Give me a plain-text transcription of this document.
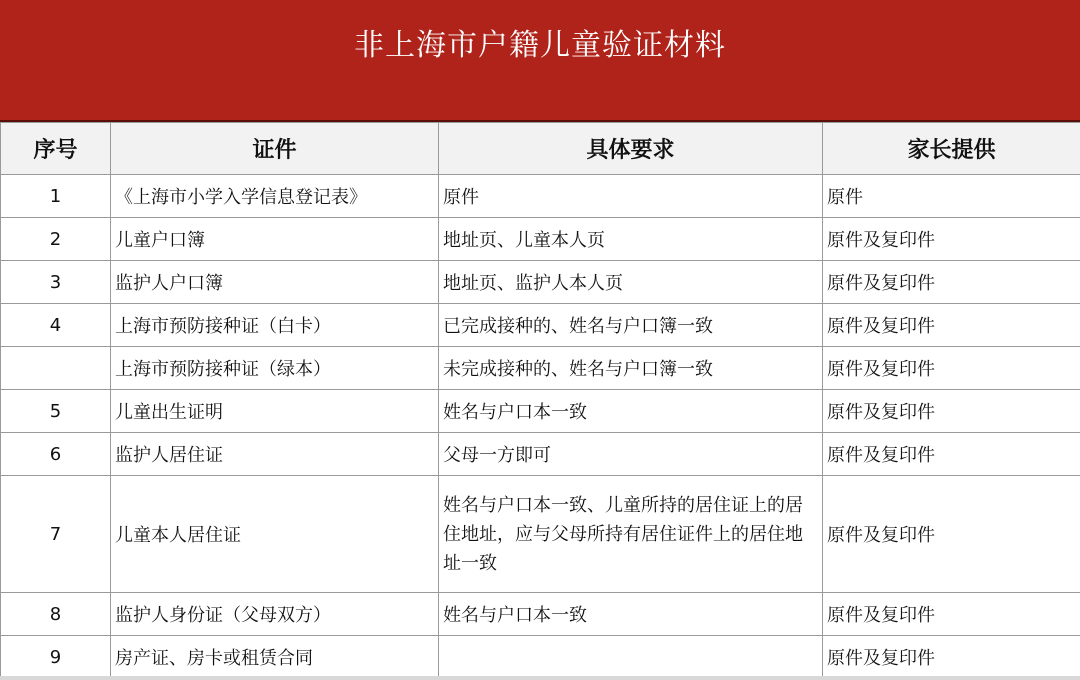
非上海市户籍儿童验证材料
序号	证件	具体要求	家长提供
1	《上海市小学入学信息登记表》	原件	原件
2	儿童户口簿	地址页、儿童本人页	原件及复印件
3	监护人户口簿	地址页、监护人本人页	原件及复印件
4	上海市预防接种证（白卡）	已完成接种的、姓名与户口簿一致	原件及复印件
	上海市预防接种证（绿本）	未完成接种的、姓名与户口簿一致	原件及复印件
5	儿童出生证明	姓名与户口本一致	原件及复印件
6	监护人居住证	父母一方即可	原件及复印件
7	儿童本人居住证	姓名与户口本一致、儿童所持的居住证上的居住地址，应与父母所持有居住证件上的居住地址一致	原件及复印件
8	监护人身份证（父母双方）	姓名与户口本一致	原件及复印件
9	房产证、房卡或租赁合同		原件及复印件
